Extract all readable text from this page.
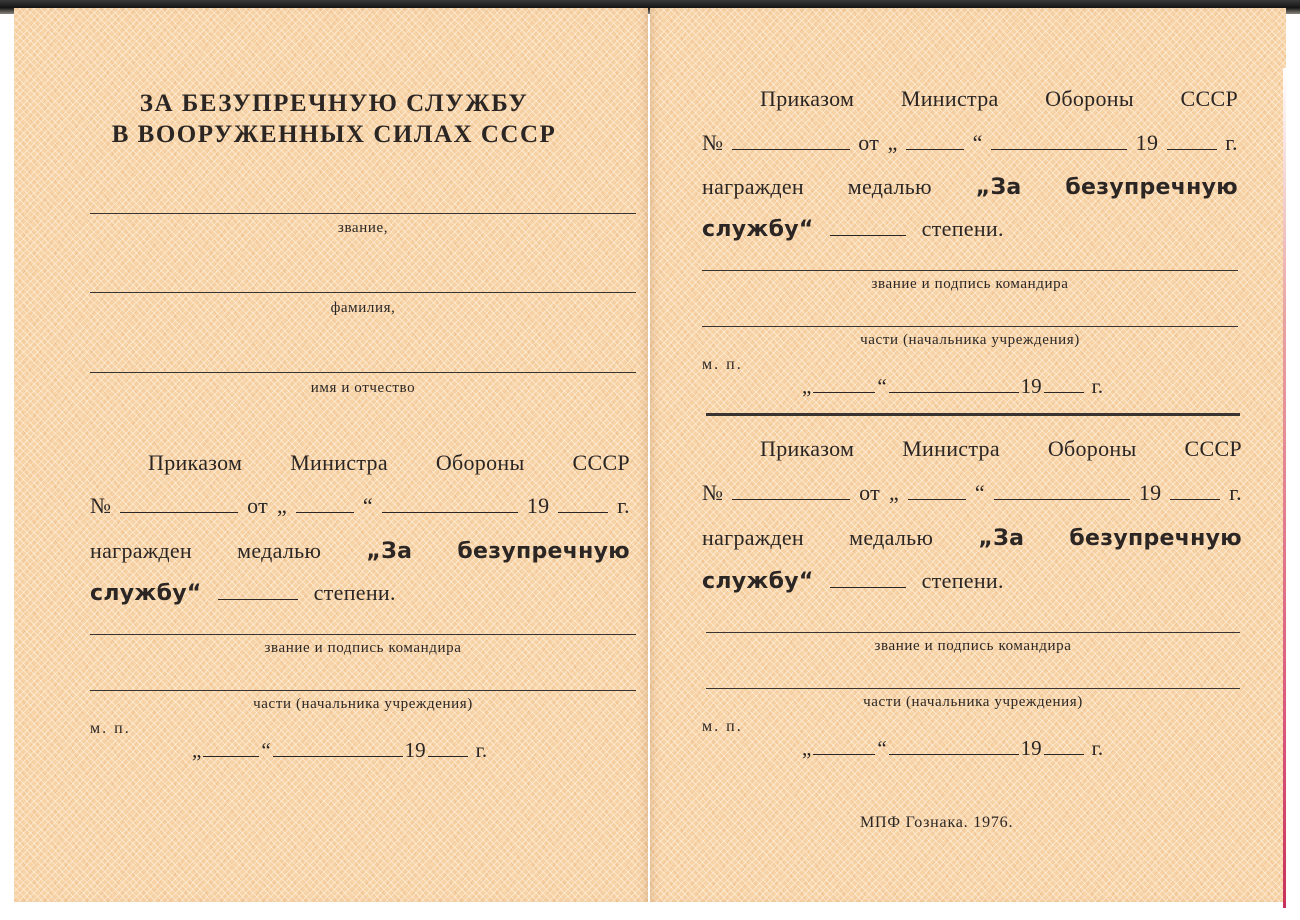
ЗА БЕЗУПРЕЧНУЮ СЛУЖБУ
В ВООРУЖЕННЫХ СИЛАХ СССР
звание,
фамилия,
имя и отчество
Приказом Министра Обороны СССР
№	от „	“	19	г.
награжден медалью „За безупречную
службу“	степени.
звание и подпись командира
части (начальника учреждения)
м. п.
„	“	19 г.
Приказом Министра Обороны СССР
№	от „	“	19	г.
награжден медалью „За безупречную
службу“	степени.
звание и подпись командира
части (начальника учреждения)
м. п.
„	“	19 г.
Приказом Министра Обороны СССР
№	от „	“	19	г.
награжден медалью „За безупречную
службу“	степени.
звание и подпись командира
части (начальника учреждения)
м. п.
„	“	19 г.
МПФ Гознака. 1976.
